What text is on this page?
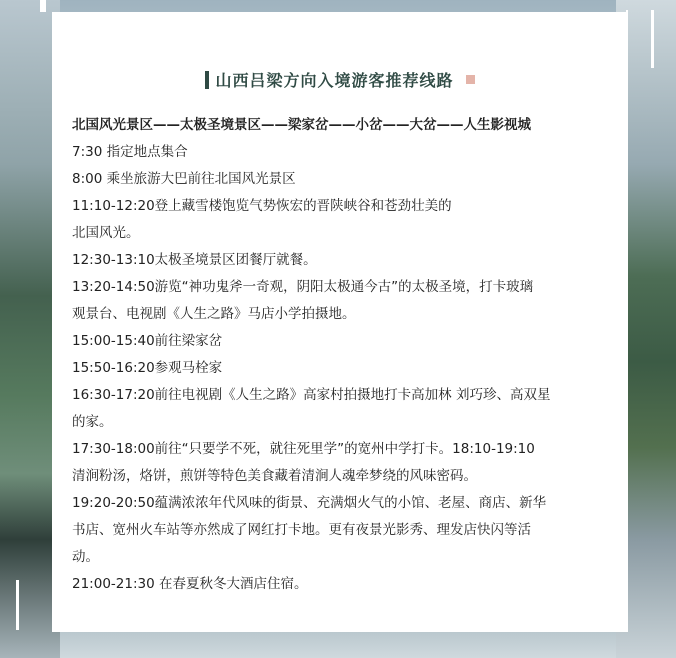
山西吕梁方向入境游客推荐线路

北国风光景区——太极圣境景区——梁家岔——小岔——大岔——人生影视城

7:30 指定地点集合

8:00 乘坐旅游大巴前往北国风光景区

11:10-12:20登上藏雪楼饱览气势恢宏的晋陕峡谷和苍劲壮美的

北国风光。

12:30-13:10太极圣境景区团餐厅就餐。

13:20-14:50游览“神功鬼斧一奇观，阴阳太极通今古”的太极圣境，打卡玻璃

观景台、电视剧《人生之路》马店小学拍摄地。

15:00-15:40前往梁家岔

15:50-16:20参观马栓家

16:30-17:20前往电视剧《人生之路》高家村拍摄地打卡高加林 刘巧珍、高双星

的家。

17:30-18:00前往“只要学不死，就往死里学”的宽州中学打卡。18:10-19:10

清涧粉汤，烙饼，煎饼等特色美食藏着清涧人魂牵梦绕的风味密码。

19:20-20:50蕴满浓浓年代风味的街景、充满烟火气的小馆、老屋、商店、新华

书店、宽州火车站等亦然成了网红打卡地。更有夜景光影秀、理发店快闪等活

动。

21:00-21:30 在春夏秋冬大酒店住宿。
